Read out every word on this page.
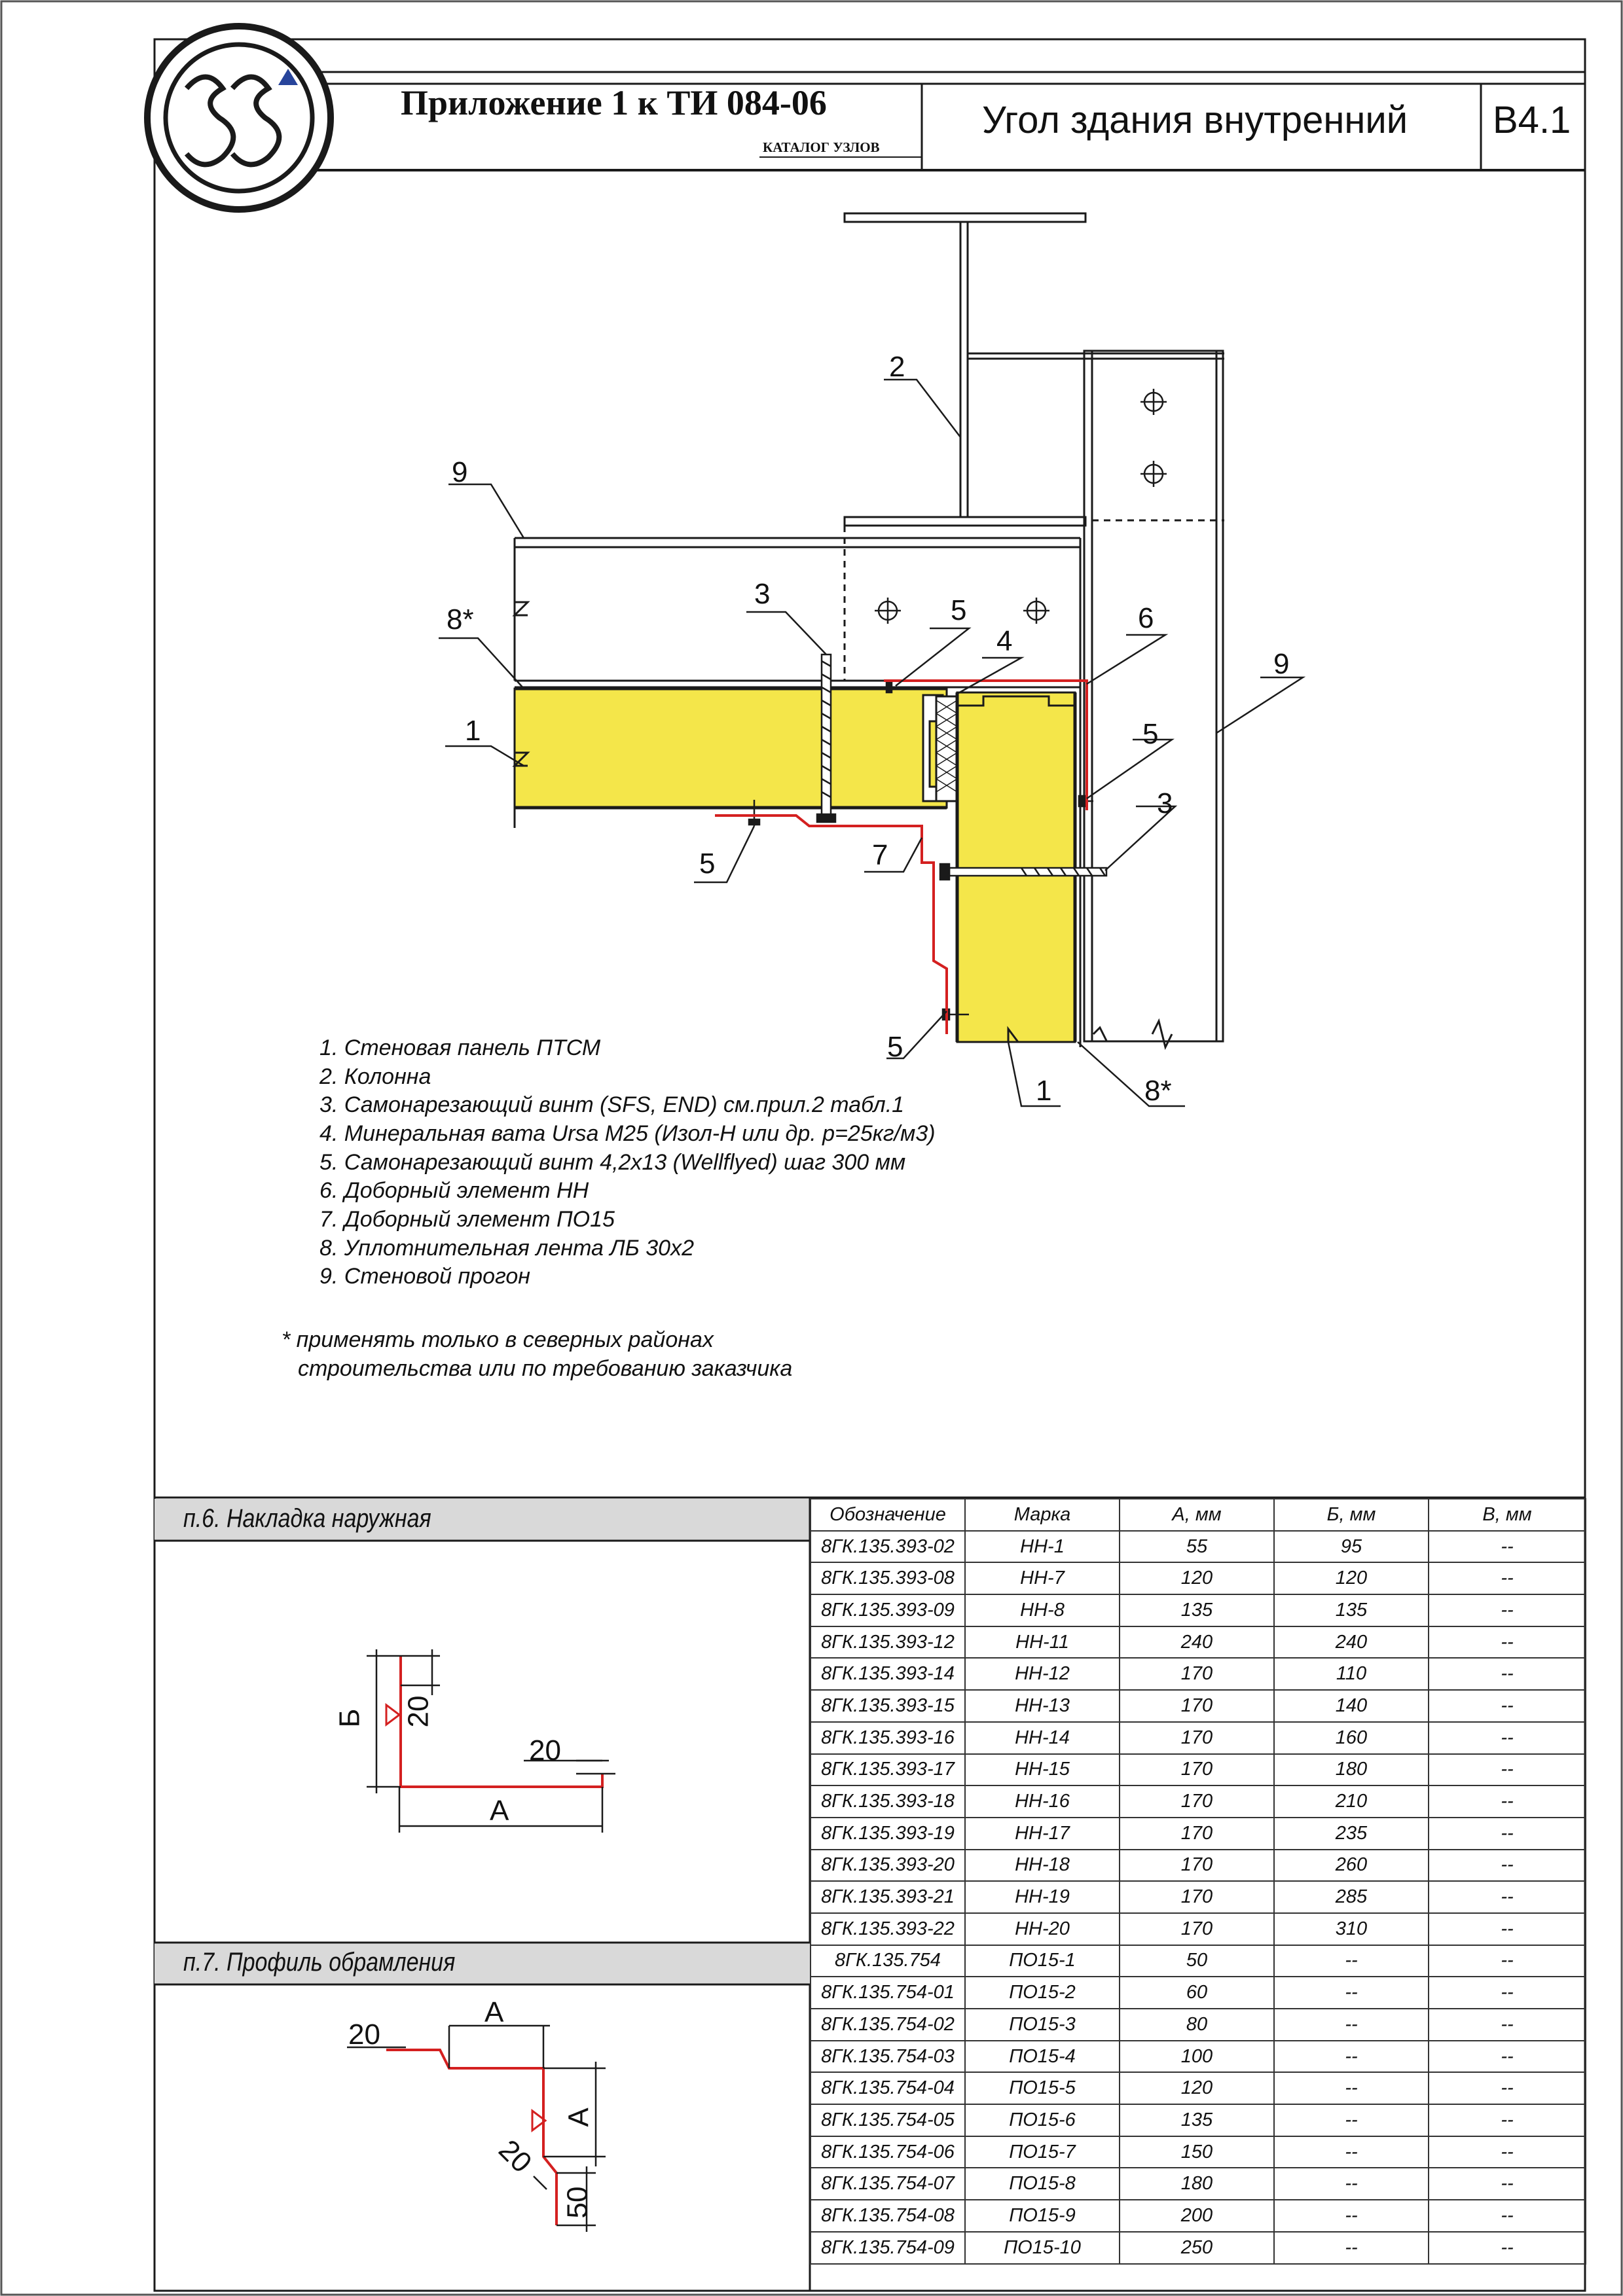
Приложение 1 к ТИ 084-06
КАТАЛОГ УЗЛОВ
Угол здания внутренний В4.1
2
9
8*
1
3
5
4
6
9
5
3
5	7
5
1	8*
1. Стеновая панель ПТСМ
2. Колонна
3. Самонарезающий винт (SFS, END) см.прил.2 табл.1
4. Минеральная вата Ursa M25 (Изол-Н или др. p=25кг/м3)
5. Самонарезающий винт 4,2x13 (Wellflyed) шаг 300 мм
6. Доборный элемент НН
7. Доборный элемент ПО15
8. Уплотнительная лента ЛБ 30x2
9. Стеновой прогон
* применять только в северных районах
строительства или по требованию заказчика
п.6. Накладка наружная
Б 20
20
А
п.7. Профиль обрамления
20
А
А
20
50
Обозначение	Марка	А, мм	Б, мм	В, мм
8ГК.135.393-02	НН-1	55	95	--
8ГК.135.393-08	НН-7	120	120	--
8ГК.135.393-09	НН-8	135	135	--
8ГК.135.393-12	НН-11	240	240	--
8ГК.135.393-14	НН-12	170	110	--
8ГК.135.393-15	НН-13	170	140	--
8ГК.135.393-16	НН-14	170	160	--
8ГК.135.393-17	НН-15	170	180	--
8ГК.135.393-18	НН-16	170	210	--
8ГК.135.393-19	НН-17	170	235	--
8ГК.135.393-20	НН-18	170	260	--
8ГК.135.393-21	НН-19	170	285	--
8ГК.135.393-22	НН-20	170	310	--
8ГК.135.754	ПО15-1	50	--	--
8ГК.135.754-01	ПО15-2	60	--	--
8ГК.135.754-02	ПО15-3	80	--	--
8ГК.135.754-03	ПО15-4	100	--	--
8ГК.135.754-04	ПО15-5	120	--	--
8ГК.135.754-05	ПО15-6	135	--	--
8ГК.135.754-06	ПО15-7	150	--	--
8ГК.135.754-07	ПО15-8	180	--	--
8ГК.135.754-08	ПО15-9	200	--	--
8ГК.135.754-09	ПО15-10	250	--	--
